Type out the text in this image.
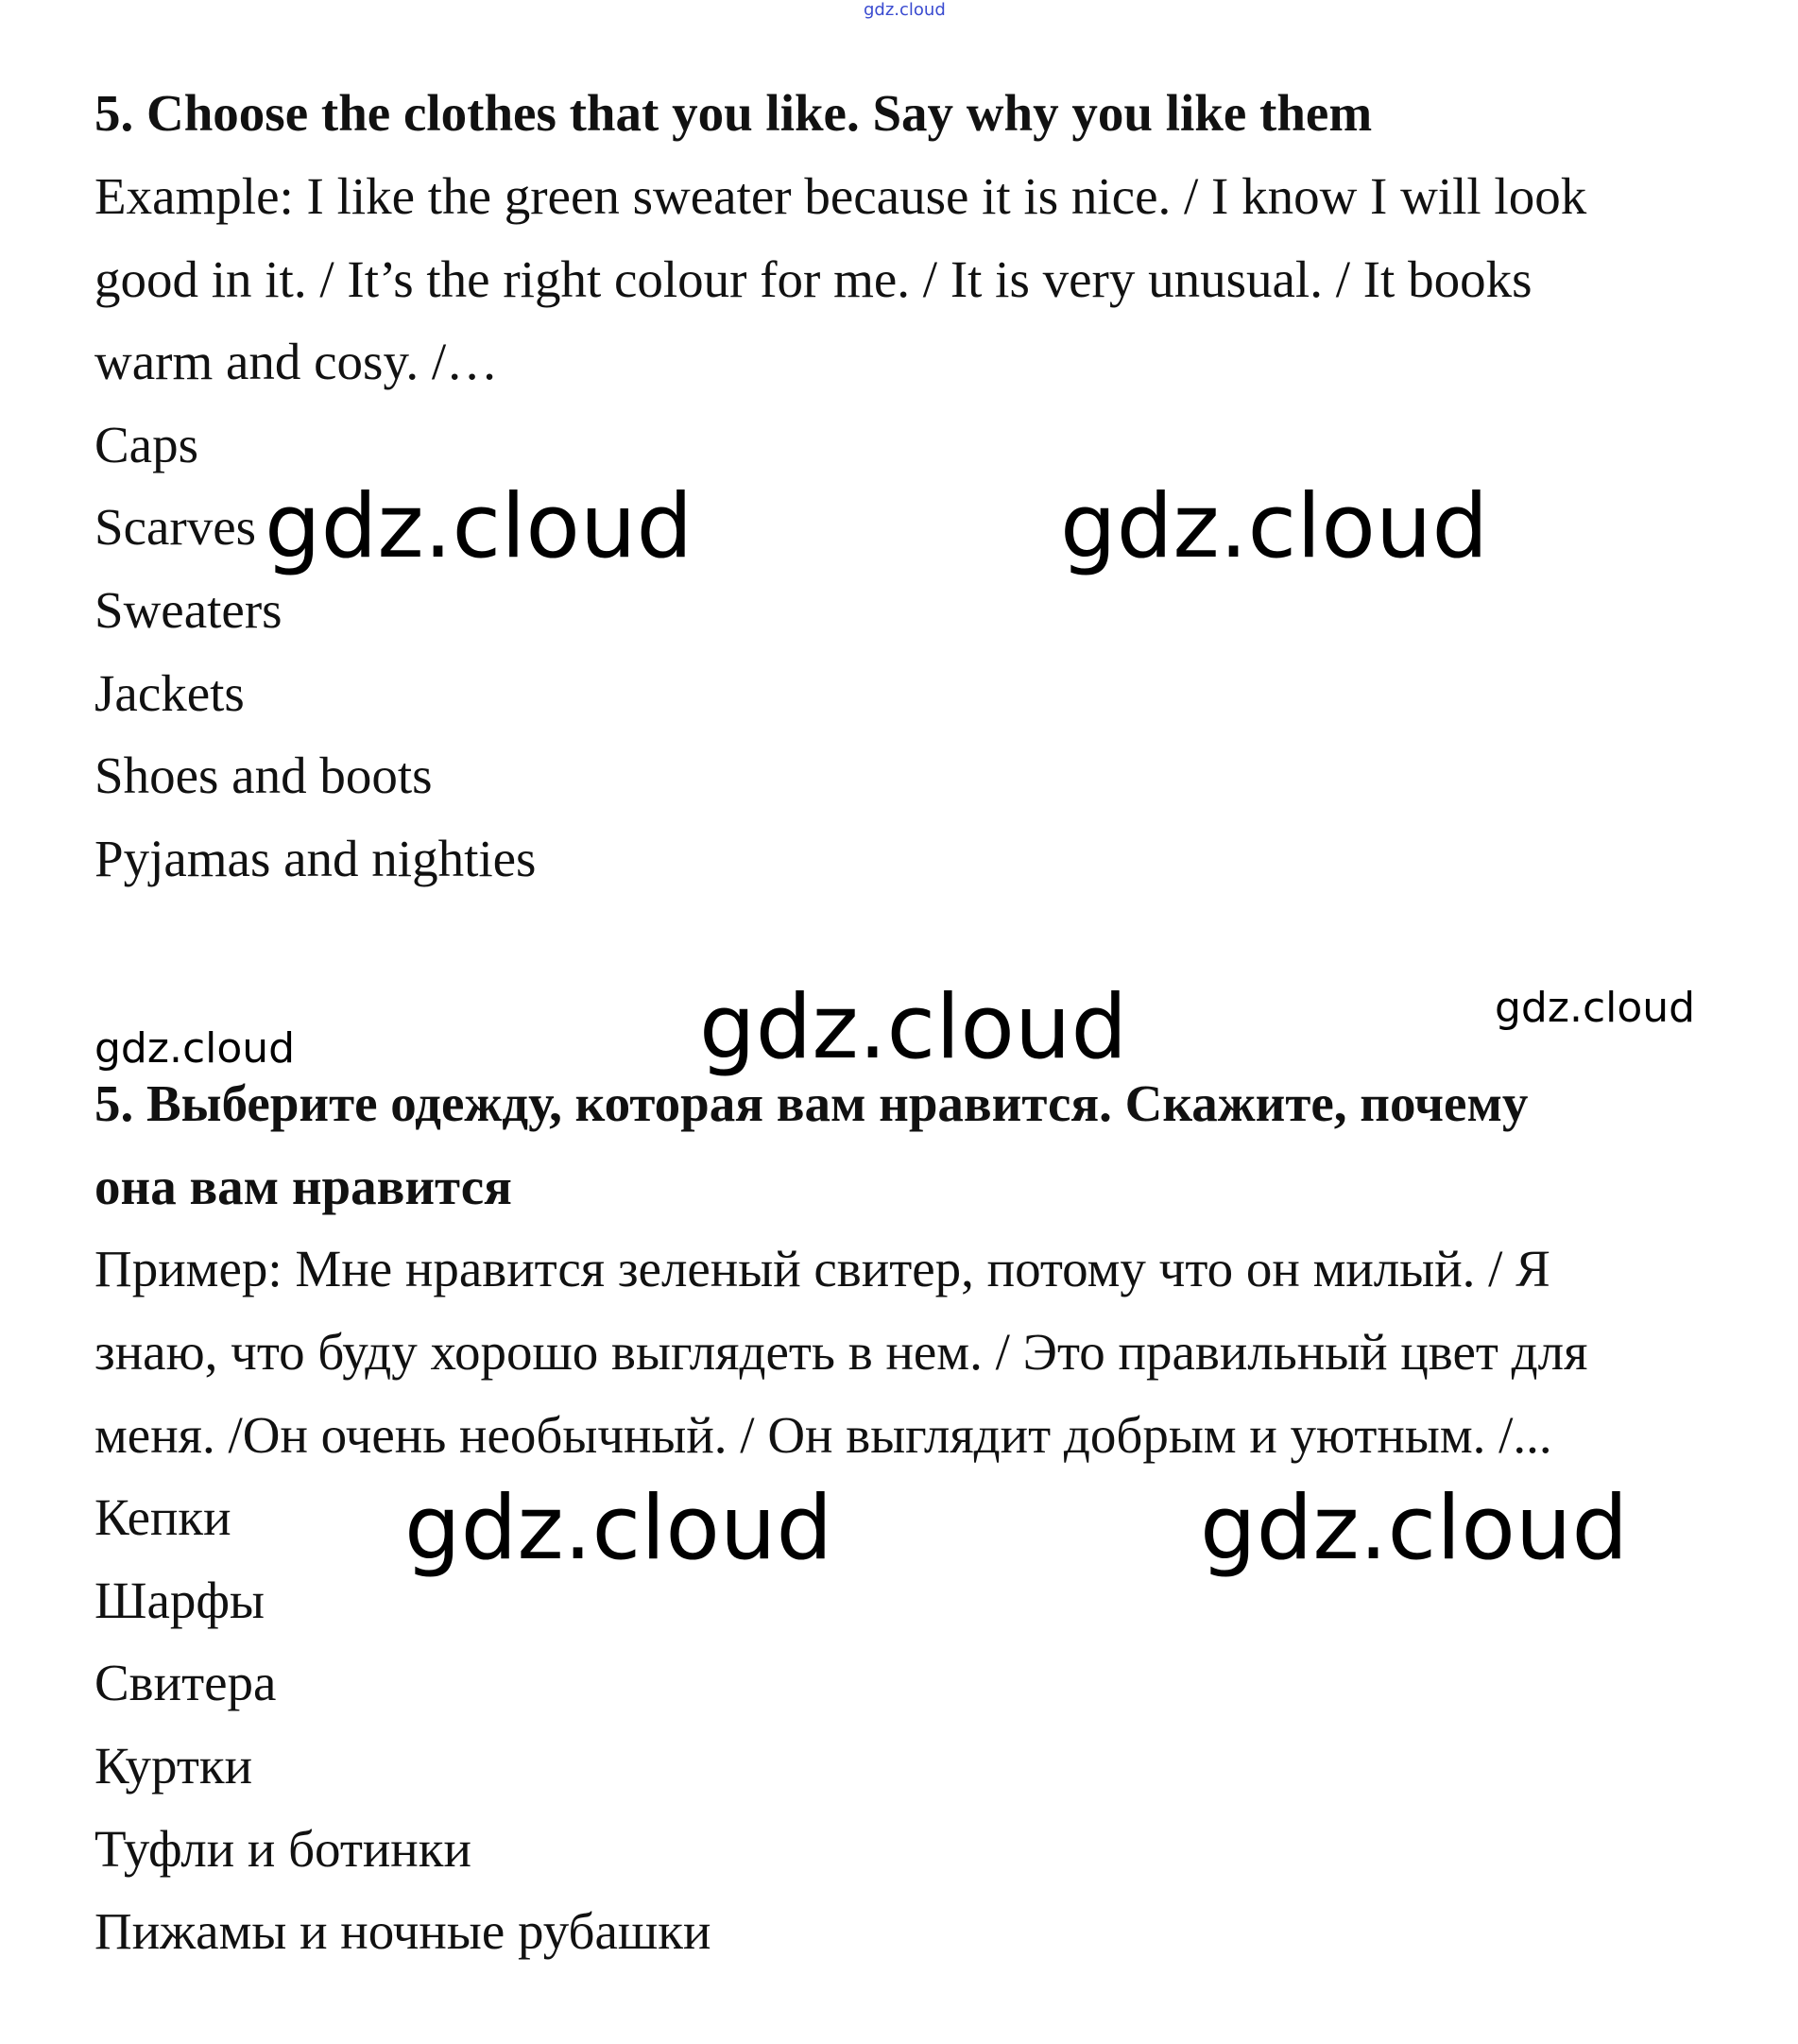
gdz.cloud

5. Choose the clothes that you like. Say why you like them

Example: I like the green sweater because it is nice. / I know I will look

good in it. / It’s the right colour for me. / It is very unusual. / It books

warm and cosy. /…

Caps

Scarves

Sweaters

Jackets

Shoes and boots

Pyjamas and nighties

5. Выберите одежду, которая вам нравится. Скажите, почему

она вам нравится

Пример: Мне нравится зеленый свитер, потому что он милый. / Я

знаю, что буду хорошо выглядеть в нем. / Это правильный цвет для

меня. /Он очень необычный. / Он выглядит добрым и уютным. /...

Кепки

Шарфы

Свитера

Куртки

Туфли и ботинки

Пижамы и ночные рубашки

gdz.cloud	gdz.cloud

gdz.cloud	gdz.cloud

gdz.cloud

gdz.cloud	gdz.cloud
